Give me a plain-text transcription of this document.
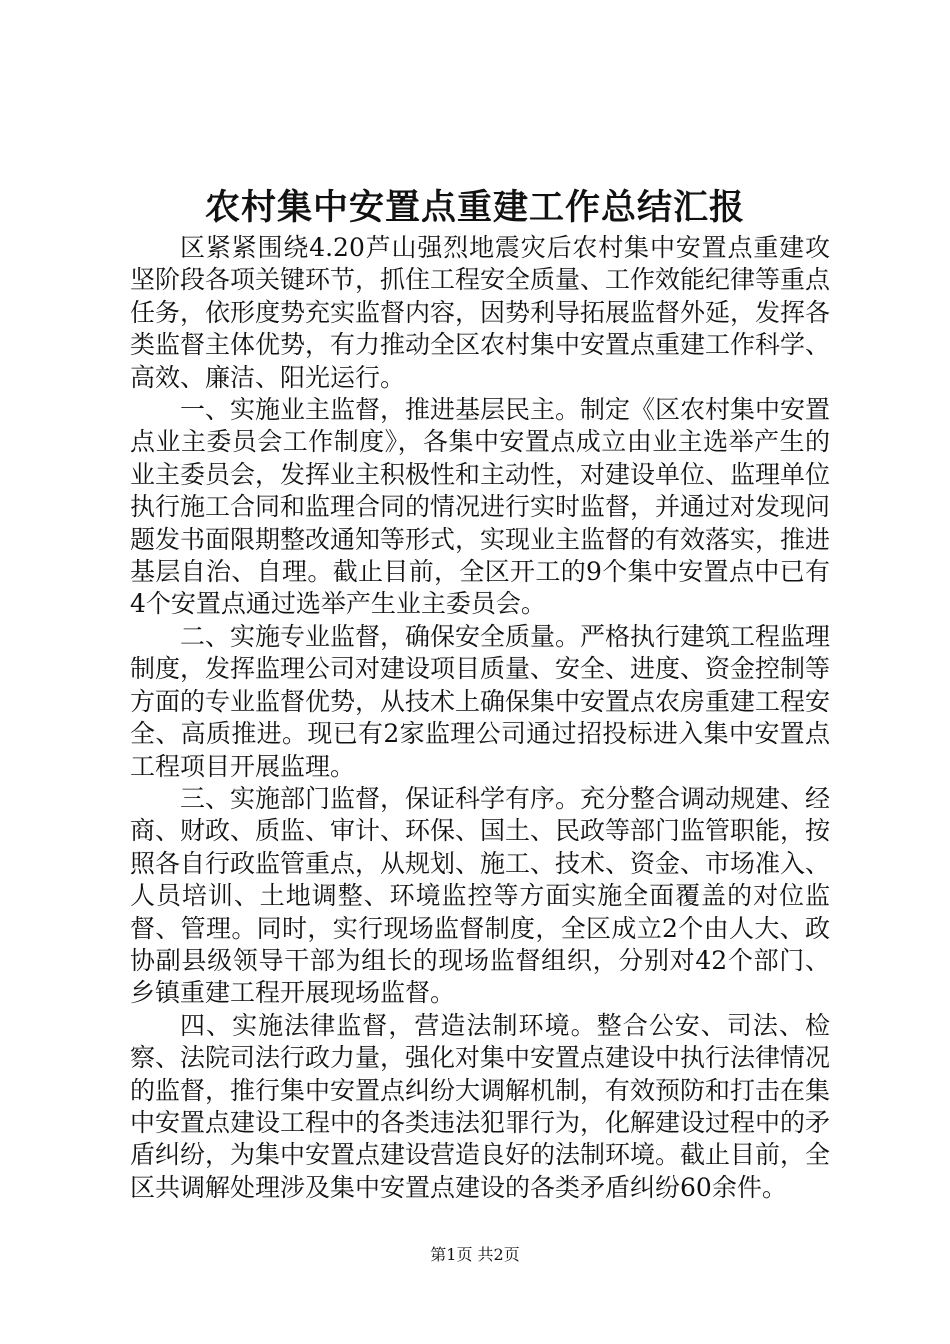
农村集中安置点重建工作总结汇报

区紧紧围绕4.20芦山强烈地震灾后农村集中安置点重建攻坚阶段各项关键环节，抓住工程安全质量、工作效能纪律等重点任务，依形度势充实监督内容，因势利导拓展监督外延，发挥各类监督主体优势，有力推动全区农村集中安置点重建工作科学、高效、廉洁、阳光运行。

一、实施业主监督，推进基层民主。制定《区农村集中安置点业主委员会工作制度》，各集中安置点成立由业主选举产生的业主委员会，发挥业主积极性和主动性，对建设单位、监理单位执行施工合同和监理合同的情况进行实时监督，并通过对发现问题发书面限期整改通知等形式，实现业主监督的有效落实，推进基层自治、自理。截止目前，全区开工的9个集中安置点中已有4个安置点通过选举产生业主委员会。

二、实施专业监督，确保安全质量。严格执行建筑工程监理制度，发挥监理公司对建设项目质量、安全、进度、资金控制等方面的专业监督优势，从技术上确保集中安置点农房重建工程安全、高质推进。现已有2家监理公司通过招投标进入集中安置点工程项目开展监理。

三、实施部门监督，保证科学有序。充分整合调动规建、经商、财政、质监、审计、环保、国土、民政等部门监管职能，按照各自行政监管重点，从规划、施工、技术、资金、市场准入、人员培训、土地调整、环境监控等方面实施全面覆盖的对位监督、管理。同时，实行现场监督制度，全区成立2个由人大、政协副县级领导干部为组长的现场监督组织，分别对42个部门、乡镇重建工程开展现场监督。

四、实施法律监督，营造法制环境。整合公安、司法、检察、法院司法行政力量，强化对集中安置点建设中执行法律情况的监督，推行集中安置点纠纷大调解机制，有效预防和打击在集中安置点建设工程中的各类违法犯罪行为，化解建设过程中的矛盾纠纷，为集中安置点建设营造良好的法制环境。截止目前，全区共调解处理涉及集中安置点建设的各类矛盾纠纷60余件。

第1页 共2页
